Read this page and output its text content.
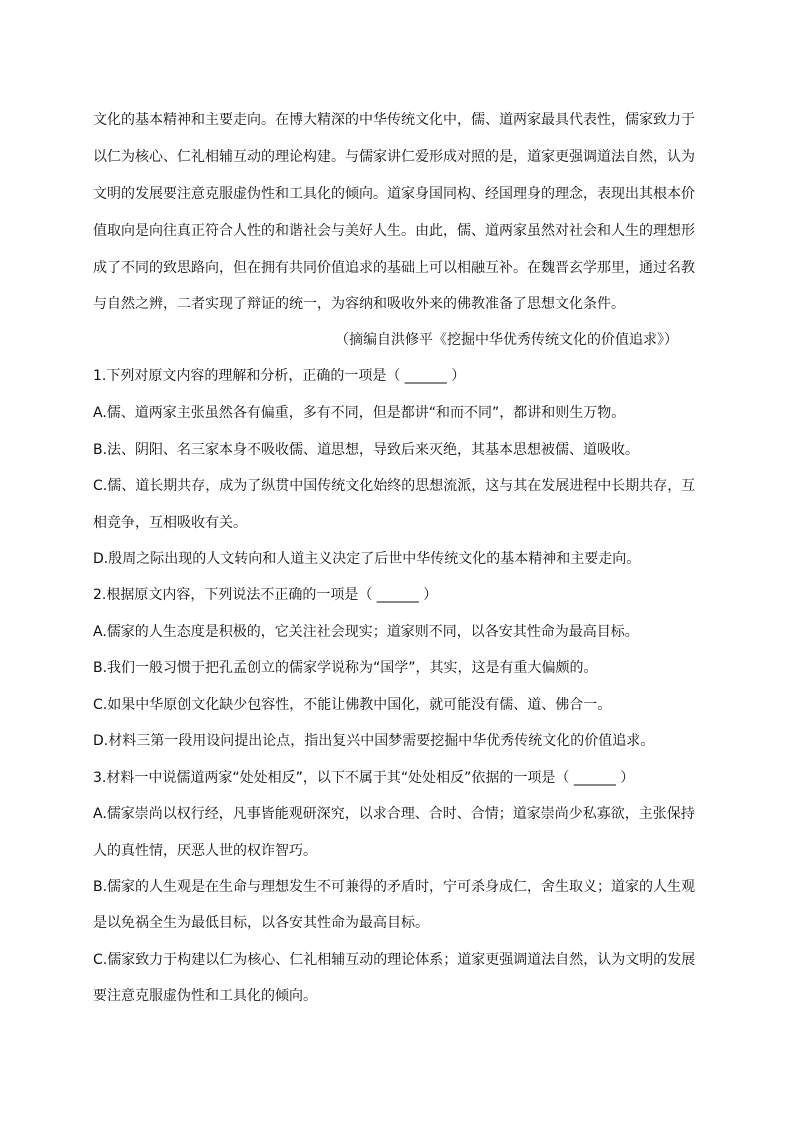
文化的基本精神和主要走向。在博大精深的中华传统文化中，儒、道两家最具代表性，儒家致力于
以仁为核心、仁礼相辅互动的理论构建。与儒家讲仁爱形成对照的是，道家更强调道法自然，认为
文明的发展要注意克服虚伪性和工具化的倾向。道家身国同构、经国理身的理念，表现出其根本价
值取向是向往真正符合人性的和谐社会与美好人生。由此，儒、道两家虽然对社会和人生的理想形
成了不同的致思路向，但在拥有共同价值追求的基础上可以相融互补。在魏晋玄学那里，通过名教
与自然之辨，二者实现了辩证的统一，为容纳和吸收外来的佛教准备了思想文化条件。
（摘编自洪修平《挖掘中华优秀传统文化的价值追求》）
1.下列对原文内容的理解和分析，正确的一项是（ ______ ）
A.儒、道两家主张虽然各有偏重，多有不同，但是都讲“和而不同”，都讲和则生万物。
B.法、阴阳、名三家本身不吸收儒、道思想，导致后来灭绝，其基本思想被儒、道吸收。
C.儒、道长期共存，成为了纵贯中国传统文化始终的思想流派，这与其在发展进程中长期共存，互
相竞争，互相吸收有关。
D.殷周之际出现的人文转向和人道主义决定了后世中华传统文化的基本精神和主要走向。
2.根据原文内容，下列说法不正确的一项是（ ______ ）
A.儒家的人生态度是积极的，它关注社会现实；道家则不同，以各安其性命为最高目标。
B.我们一般习惯于把孔孟创立的儒家学说称为“国学”，其实，这是有重大偏颇的。
C.如果中华原创文化缺少包容性，不能让佛教中国化，就可能没有儒、道、佛合一。
D.材料三第一段用设问提出论点，指出复兴中国梦需要挖掘中华优秀传统文化的价值追求。
3.材料一中说儒道两家“处处相反”，以下不属于其“处处相反”依据的一项是（ ______ ）
A.儒家崇尚以权行经，凡事皆能观研深究，以求合理、合时、合情；道家崇尚少私寡欲，主张保持
人的真性情，厌恶人世的权诈智巧。
B.儒家的人生观是在生命与理想发生不可兼得的矛盾时，宁可杀身成仁，舍生取义；道家的人生观
是以免祸全生为最低目标，以各安其性命为最高目标。
C.儒家致力于构建以仁为核心、仁礼相辅互动的理论体系；道家更强调道法自然，认为文明的发展
要注意克服虚伪性和工具化的倾向。
